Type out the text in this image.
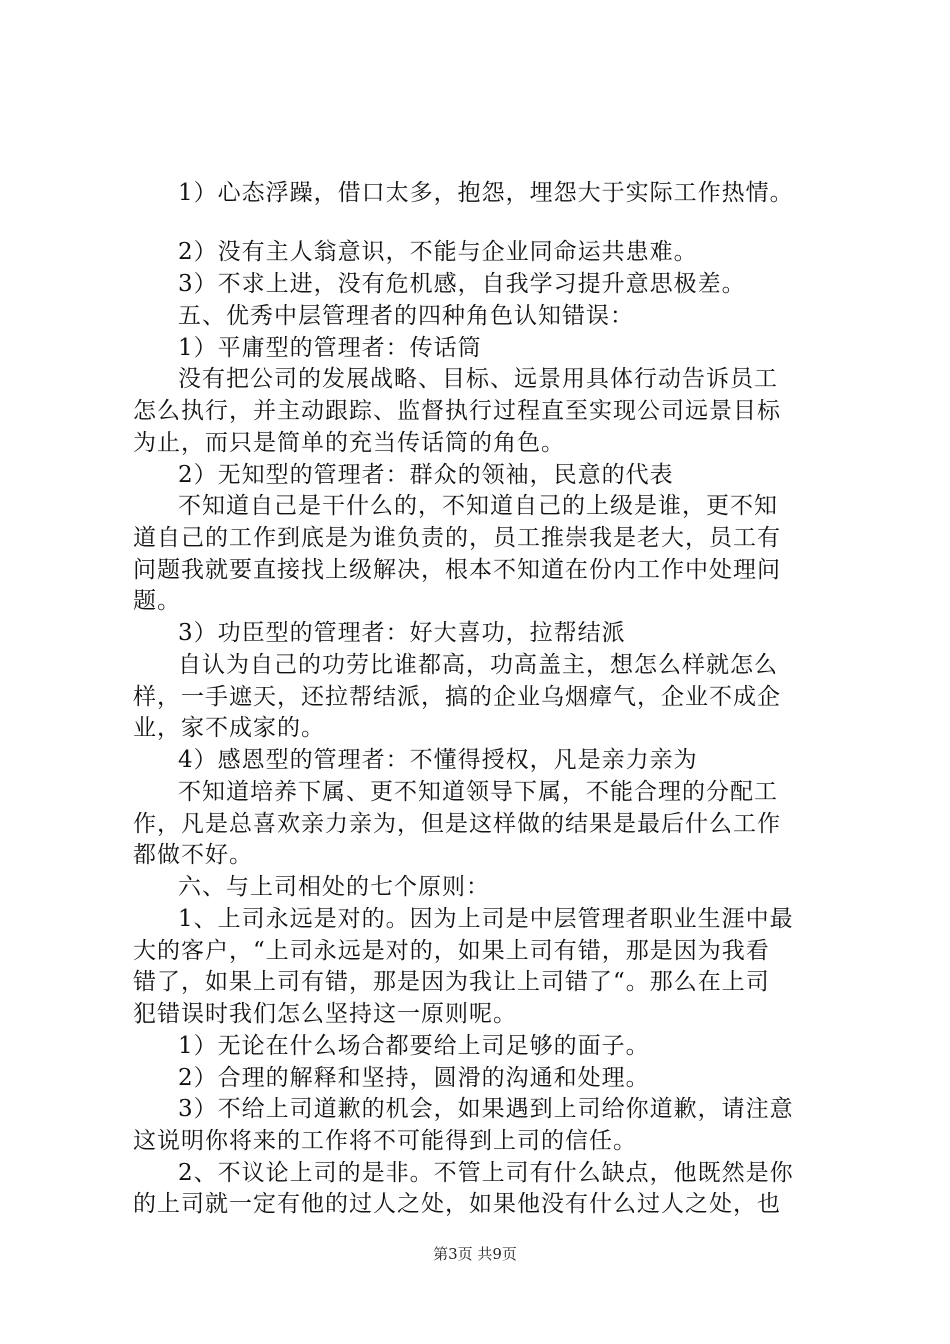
1）心态浮躁，借口太多，抱怨，埋怨大于实际工作热情。
2）没有主人翁意识，不能与企业同命运共患难。
3）不求上进，没有危机感，自我学习提升意思极差。
五、优秀中层管理者的四种角色认知错误：
1）平庸型的管理者：传话筒
没有把公司的发展战略、目标、远景用具体行动告诉员工
怎么执行，并主动跟踪、监督执行过程直至实现公司远景目标
为止，而只是简单的充当传话筒的角色。
2）无知型的管理者：群众的领袖，民意的代表
不知道自己是干什么的，不知道自己的上级是谁，更不知
道自己的工作到底是为谁负责的，员工推崇我是老大，员工有
问题我就要直接找上级解决，根本不知道在份内工作中处理问
题。
3）功臣型的管理者：好大喜功，拉帮结派
自认为自己的功劳比谁都高，功高盖主，想怎么样就怎么
样，一手遮天，还拉帮结派，搞的企业乌烟瘴气，企业不成企
业，家不成家的。
4）感恩型的管理者：不懂得授权，凡是亲力亲为
不知道培养下属、更不知道领导下属，不能合理的分配工
作，凡是总喜欢亲力亲为，但是这样做的结果是最后什么工作
都做不好。
六、与上司相处的七个原则：
1、上司永远是对的。因为上司是中层管理者职业生涯中最
大的客户，“上司永远是对的，如果上司有错，那是因为我看
错了，如果上司有错，那是因为我让上司错了“。那么在上司
犯错误时我们怎么坚持这一原则呢。
1）无论在什么场合都要给上司足够的面子。
2）合理的解释和坚持，圆滑的沟通和处理。
3）不给上司道歉的机会，如果遇到上司给你道歉，请注意
这说明你将来的工作将不可能得到上司的信任。
2、不议论上司的是非。不管上司有什么缺点，他既然是你
的上司就一定有他的过人之处，如果他没有什么过人之处，也
第3页 共9页
